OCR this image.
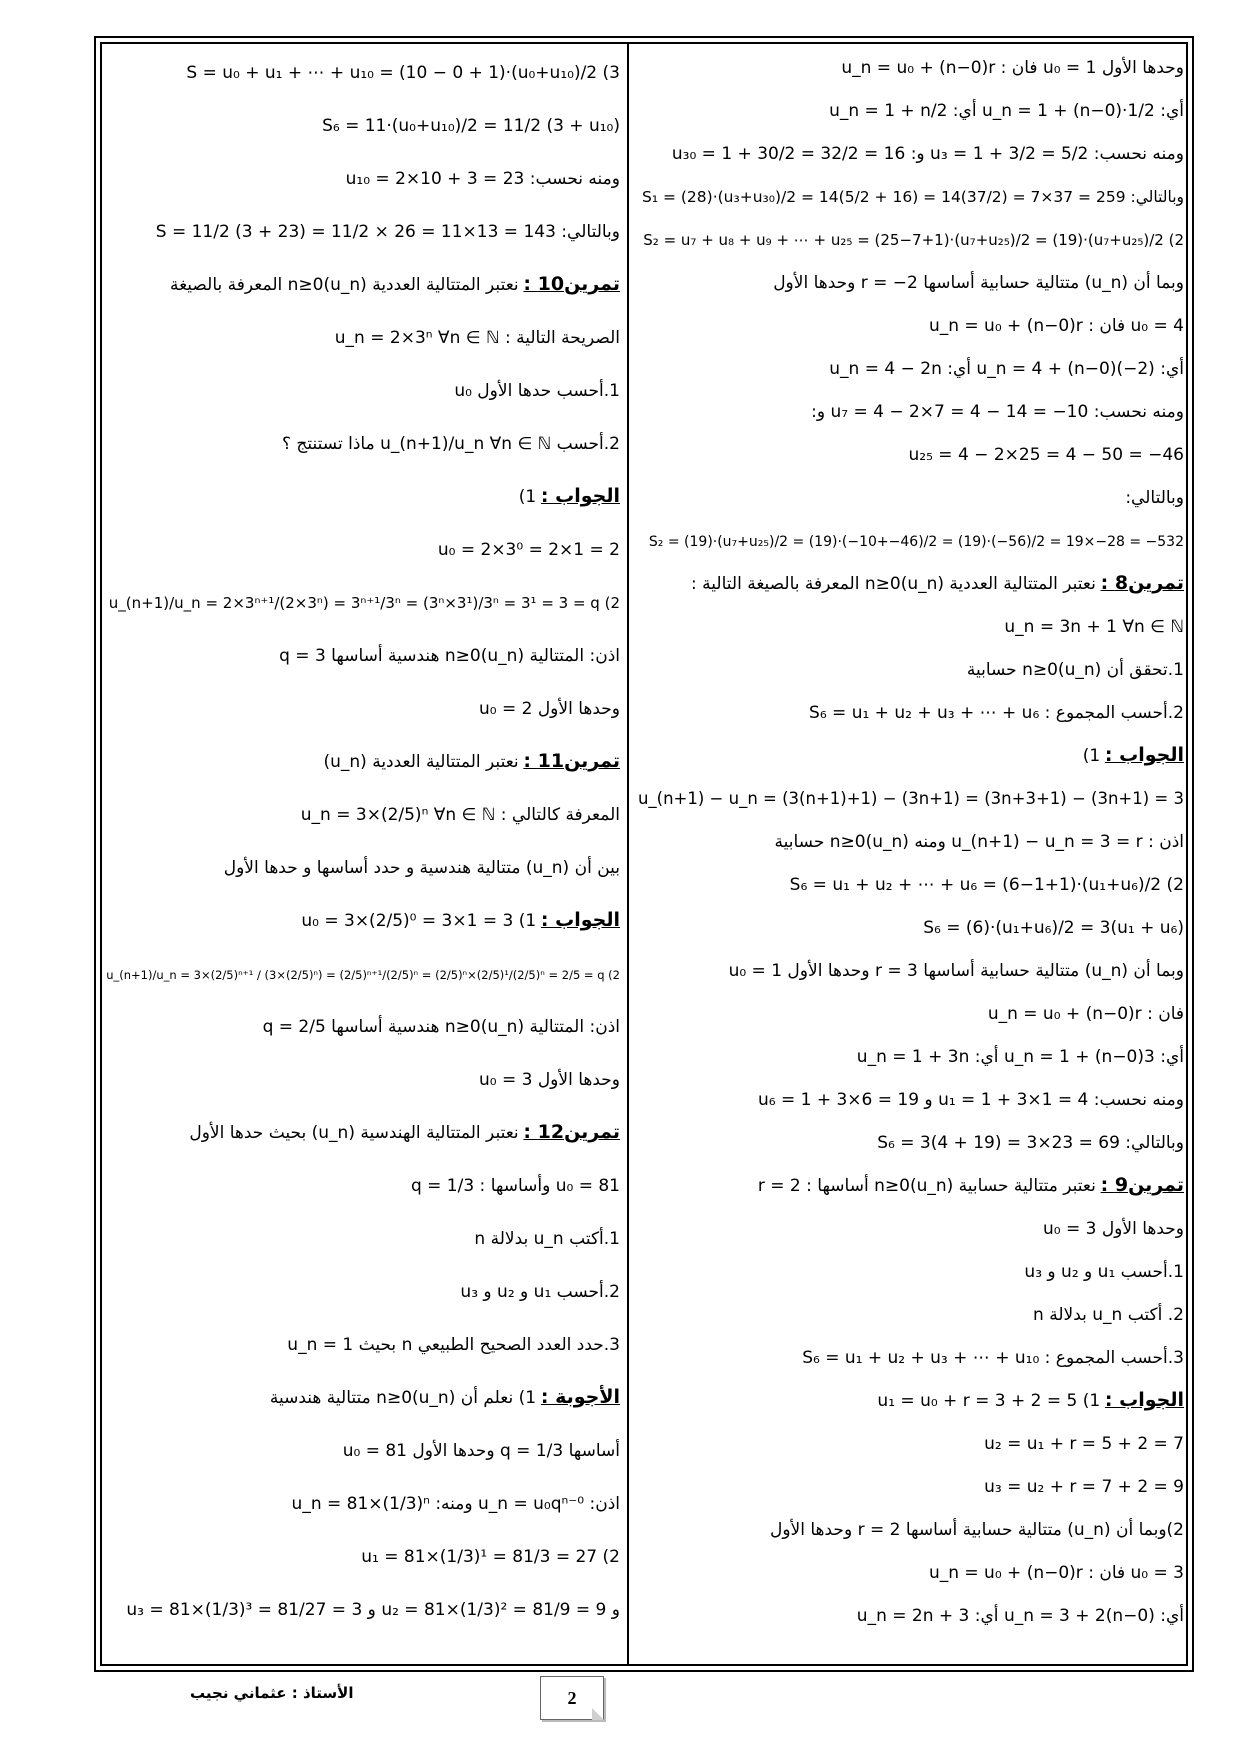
وحدها الأول 1 = u₀ فان : u_n = u₀ + (n−0)r

أي: u_n = 1 + (n−0)·1/2 أي: u_n = 1 + n/2

ومنه نحسب: u₃ = 1 + 3/2 = 5/2 و: u₃₀ = 1 + 30/2 = 32/2 = 16

وبالتالي: S₁ = (28)·(u₃+u₃₀)/2 = 14(5/2 + 16) = 14(37/2) = 7×37 = 259

2) S₂ = u₇ + u₈ + u₉ + ⋯ + u₂₅ = (25−7+1)·(u₇+u₂₅)/2 = (19)·(u₇+u₂₅)/2

وبما أن (u_n) متتالية حسابية أساسها r = −2 وحدها الأول

u₀ = 4 فان : u_n = u₀ + (n−0)r

أي: u_n = 4 + (n−0)(−2) أي: u_n = 4 − 2n

ومنه نحسب: u₇ = 4 − 2×7 = 4 − 14 = −10 و:

u₂₅ = 4 − 2×25 = 4 − 50 = −46

وبالتالي:

S₂ = (19)·(u₇+u₂₅)/2 = (19)·(−10+−46)/2 = (19)·(−56)/2 = 19×−28 = −532

تمرين8 : نعتبر المتتالية العددية (u_n)n≥0 المعرفة بالصيغة التالية :

u_n = 3n + 1 ∀n ∈ ℕ

1.تحقق أن (u_n)n≥0 حسابية

2.أحسب المجموع : S₆ = u₁ + u₂ + u₃ + ⋯ + u₆

الجواب : 1)

u_(n+1) − u_n = (3(n+1)+1) − (3n+1) = (3n+3+1) − (3n+1) = 3

اذن : u_(n+1) − u_n = 3 = r ومنه (u_n)n≥0 حسابية

2) S₆ = u₁ + u₂ + ⋯ + u₆ = (6−1+1)·(u₁+u₆)/2

S₆ = (6)·(u₁+u₆)/2 = 3(u₁ + u₆)

وبما أن (u_n) متتالية حسابية أساسها r = 3 وحدها الأول u₀ = 1

فان : u_n = u₀ + (n−0)r

أي: u_n = 1 + (n−0)3 أي: u_n = 1 + 3n

ومنه نحسب: u₁ = 1 + 3×1 = 4 و u₆ = 1 + 3×6 = 19

وبالتالي: S₆ = 3(4 + 19) = 3×23 = 69

تمرين9 : نعتبر متتالية حسابية (u_n)n≥0 أساسها : r = 2

وحدها الأول u₀ = 3

1.أحسب u₁ و u₂ و u₃

2. أكتب u_n بدلالة n

3.أحسب المجموع : S₆ = u₁ + u₂ + u₃ + ⋯ + u₁₀

الجواب : 1) u₁ = u₀ + r = 3 + 2 = 5

u₂ = u₁ + r = 5 + 2 = 7

u₃ = u₂ + r = 7 + 2 = 9

2)وبما أن (u_n) متتالية حسابية أساسها r = 2 وحدها الأول

u₀ = 3 فان : u_n = u₀ + (n−0)r

أي: u_n = 3 + 2(n−0) أي: u_n = 2n + 3

3) S = u₀ + u₁ + ⋯ + u₁₀ = (10 − 0 + 1)·(u₀+u₁₀)/2

S₆ = 11·(u₀+u₁₀)/2 = 11/2 (3 + u₁₀)

ومنه نحسب: u₁₀ = 2×10 + 3 = 23

وبالتالي: S = 11/2 (3 + 23) = 11/2 × 26 = 11×13 = 143

تمرين10 : نعتبر المتتالية العددية (u_n)n≥0 المعرفة بالصيغة

الصريحة التالية : u_n = 2×3ⁿ ∀n ∈ ℕ

1.أحسب حدها الأول u₀

2.أحسب u_(n+1)/u_n ∀n ∈ ℕ ماذا تستنتج ؟

الجواب : 1)

u₀ = 2×3⁰ = 2×1 = 2

2) u_(n+1)/u_n = 2×3ⁿ⁺¹/(2×3ⁿ) = 3ⁿ⁺¹/3ⁿ = (3ⁿ×3¹)/3ⁿ = 3¹ = 3 = q

اذن: المتتالية (u_n)n≥0 هندسية أساسها q = 3

وحدها الأول u₀ = 2

تمرين11 : نعتبر المتتالية العددية (u_n)

المعرفة كالتالي : u_n = 3×(2/5)ⁿ ∀n ∈ ℕ

بين أن (u_n) متتالية هندسية و حدد أساسها و حدها الأول

الجواب : 1) u₀ = 3×(2/5)⁰ = 3×1 = 3

2) u_(n+1)/u_n = 3×(2/5)ⁿ⁺¹ / (3×(2/5)ⁿ) = (2/5)ⁿ⁺¹/(2/5)ⁿ = (2/5)ⁿ×(2/5)¹/(2/5)ⁿ = 2/5 = q

اذن: المتتالية (u_n)n≥0 هندسية أساسها q = 2/5

وحدها الأول u₀ = 3

تمرين12 : نعتبر المتتالية الهندسية (u_n) بحيث حدها الأول

u₀ = 81 وأساسها : q = 1/3

1.أكتب u_n بدلالة n

2.أحسب u₁ و u₂ و u₃

3.حدد العدد الصحيح الطبيعي n بحيث u_n = 1

الأجوبة : 1) نعلم أن (u_n)n≥0 متتالية هندسية

أساسها q = 1/3 وحدها الأول u₀ = 81

اذن: u_n = u₀qⁿ⁻⁰ ومنه: u_n = 81×(1/3)ⁿ

2) u₁ = 81×(1/3)¹ = 81/3 = 27

و u₂ = 81×(1/3)² = 81/9 = 9 و u₃ = 81×(1/3)³ = 81/27 = 3

2
الأستاذ : عثماني نجيب
